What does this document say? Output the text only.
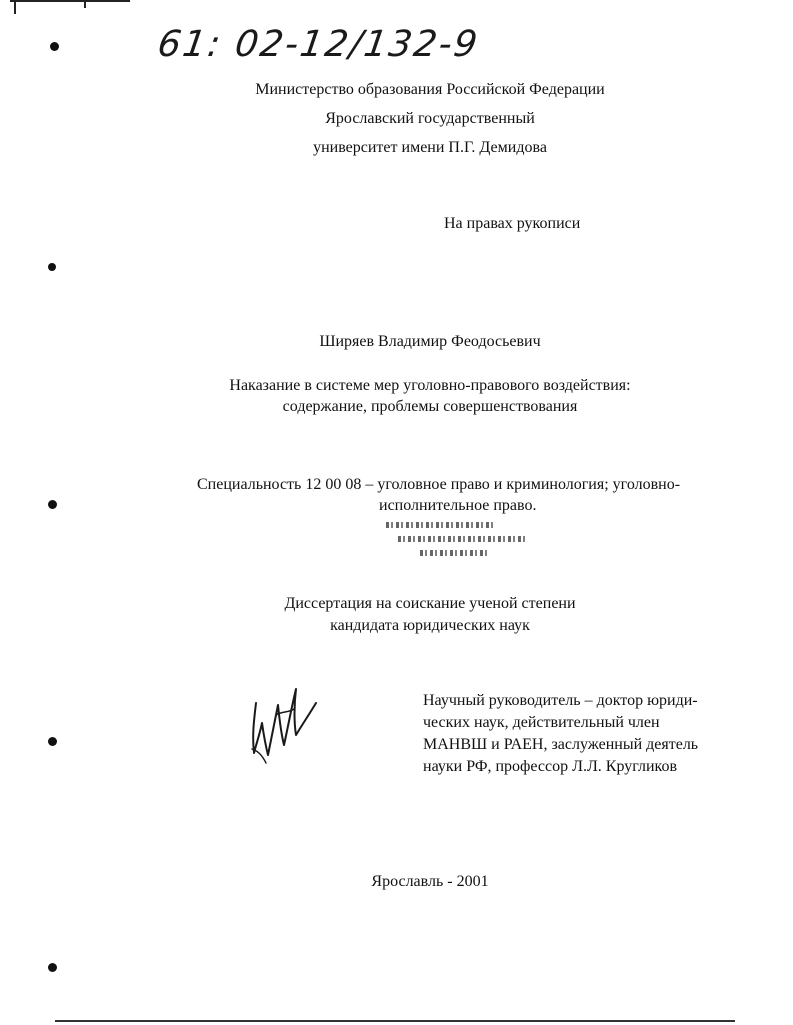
61: 02-12/132-9
Министерство образования Российской Федерации
Ярославский государственный
университет имени П.Г. Демидова
На правах рукописи
Ширяев Владимир Феодосьевич
Наказание в системе мер уголовно-правового воздействия:
содержание, проблемы совершенствования
Специальность 12 00 08 – уголовное право и криминология; уголовно-
исполнительное право.
Диссертация на соискание ученой степени
кандидата юридических наук
Научный руководитель – доктор юриди-
ческих наук, действительный член
МАНВШ и РАЕН, заслуженный деятель
науки РФ, профессор Л.Л. Кругликов
Ярославль - 2001
